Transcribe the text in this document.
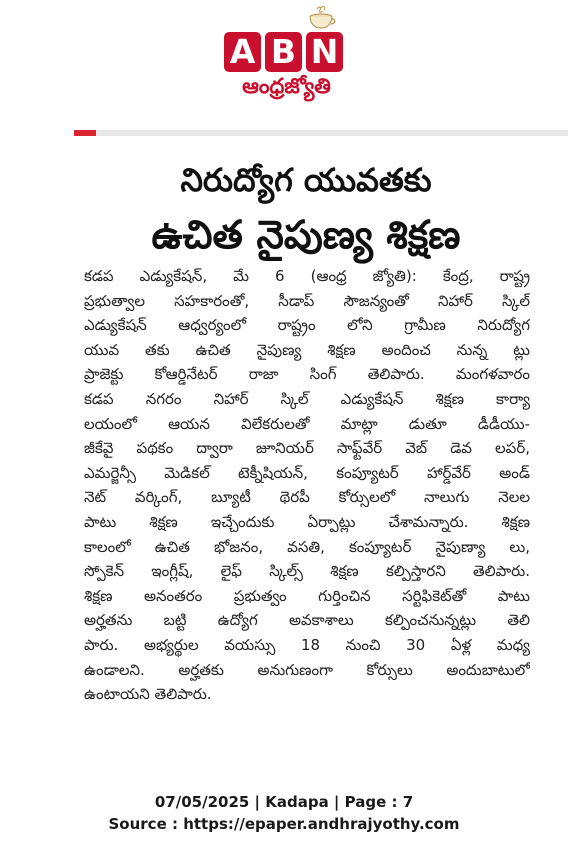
A B N
ఆంధ్రజ్యోతి
నిరుద్యోగ యువతకు
ఉచిత నైపుణ్య శిక్షణ
కడప ఎడ్యుకేషన్‌, మే 6 (ఆంధ్ర జ్యోతి): కేంద్ర, రాష్ట్ర
ప్రభుత్వాల సహకారంతో, సీడాప్‌ సౌజన్యంతో నిహార్‌ స్కిల్‌
ఎడ్యుకేషన్‌ ఆధ్వర్యంలో రాష్ట్రం లోని గ్రామీణ నిరుద్యోగ
యువ తకు ఉచిత నైపుణ్య శిక్షణ అందించ నున్న ట్లు
ప్రాజెక్టు కోఆర్డినేటర్‌ రాజా సింగ్‌ తెలిపారు. మంగళవారం
కడప నగరం నిహార్‌ స్కిల్‌ ఎడ్యుకేషన్‌ శిక్షణ కార్యా
లయంలో ఆయన విలేకరులతో మాట్లా డుతూ డీడీయు-
జీకేవై పథకం ద్వారా జూనియర్‌ సాఫ్ట్‌వేర్‌ వెబ్‌ డెవ లపర్‌,
ఎమర్జెన్సీ మెడికల్‌ టెక్నీషియన్‌, కంప్యూటర్‌ హార్డ్‌వేర్‌ అండ్‌
నెట్‌ వర్కింగ్‌, బ్యూటీ థెరపీ కోర్సులలో నాలుగు నెలల
పాటు శిక్షణ ఇచ్చేందుకు ఏర్పాట్లు చేశామన్నారు. శిక్షణ
కాలంలో ఉచిత భోజనం, వసతి, కంప్యూటర్‌ నైపుణ్యా లు,
స్పోకెన్‌ ఇంగ్లీష్‌, లైఫ్‌ స్కిల్స్‌ శిక్షణ కల్పిస్తారని తెలిపారు.
శిక్షణ అనంతరం ప్రభుత్వం గుర్తించిన సర్టిఫికెట్‌తో పాటు
అర్హతను బట్టి ఉద్యోగ అవకాశాలు కల్పించనున్నట్లు తెలి
పారు. అభ్యర్థుల వయస్సు 18 నుంచి 30 ఏళ్ల మధ్య
ఉండాలని. అర్హతకు అనుగుణంగా కోర్సులు అందుబాటులో
ఉంటాయని తెలిపారు.
07/05/2025 | Kadapa | Page : 7
Source : https://epaper.andhrajyothy.com
